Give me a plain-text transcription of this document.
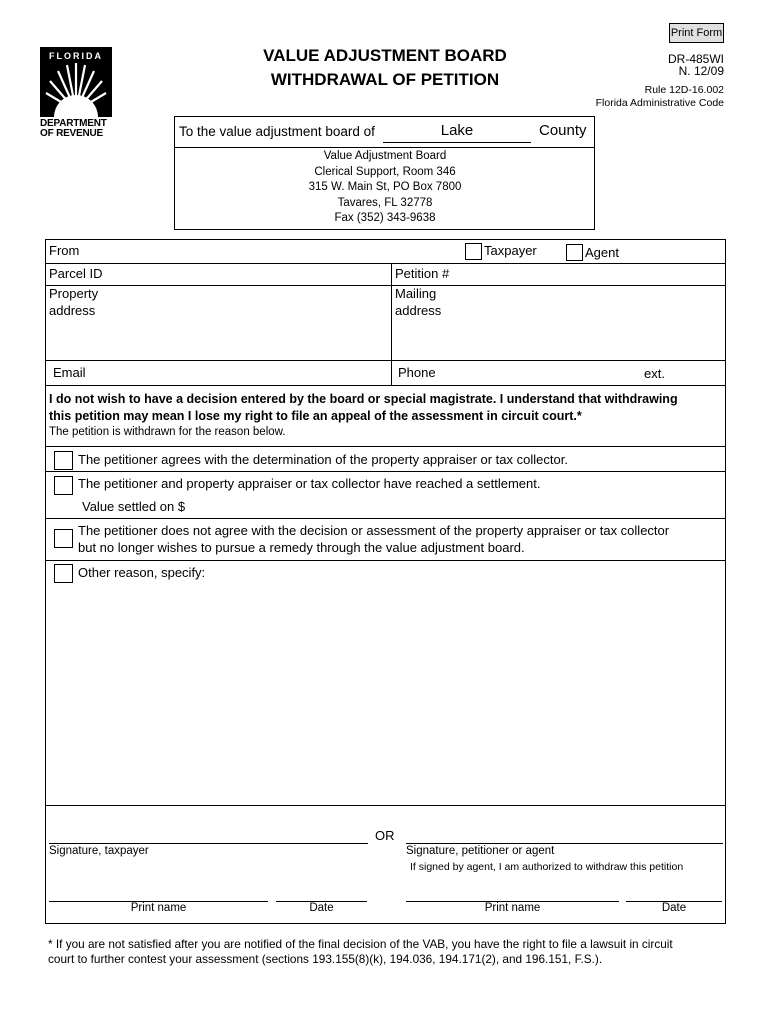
Print Form
FLORIDA
DEPARTMENT
OF REVENUE
VALUE ADJUSTMENT BOARD
WITHDRAWAL OF PETITION
DR-485WI
N. 12/09
Rule 12D-16.002
Florida Administrative Code
To the value adjustment board of	Lake	County
Value Adjustment Board
Clerical Support, Room 346
315 W. Main St, PO Box 7800
Tavares, FL 32778
Fax (352) 343-9638
From	Taxpayer	Agent
Parcel ID	Petition #
Property
address
Mailing
address
Email	Phone	ext.
I do not wish to have a decision entered by the board or special magistrate. I understand that withdrawing
this petition may mean I lose my right to file an appeal of the assessment in circuit court.*
The petition is withdrawn for the reason below.
The petitioner agrees with the determination of the property appraiser or tax collector.
The petitioner and property appraiser or tax collector have reached a settlement.
Value settled on $
The petitioner does not agree with the decision or assessment of the property appraiser or tax collector
but no longer wishes to pursue a remedy through the value adjustment board.
Other reason, specify:
OR
Signature, taxpayer	Signature, petitioner or agent
If signed by agent, I am authorized to withdraw this petition
Print name	Date	Print name	Date
* If you are not satisfied after you are notified of the final decision of the VAB, you have the right to file a lawsuit in circuit
court to further contest your assessment (sections 193.155(8)(k), 194.036, 194.171(2), and 196.151, F.S.).
